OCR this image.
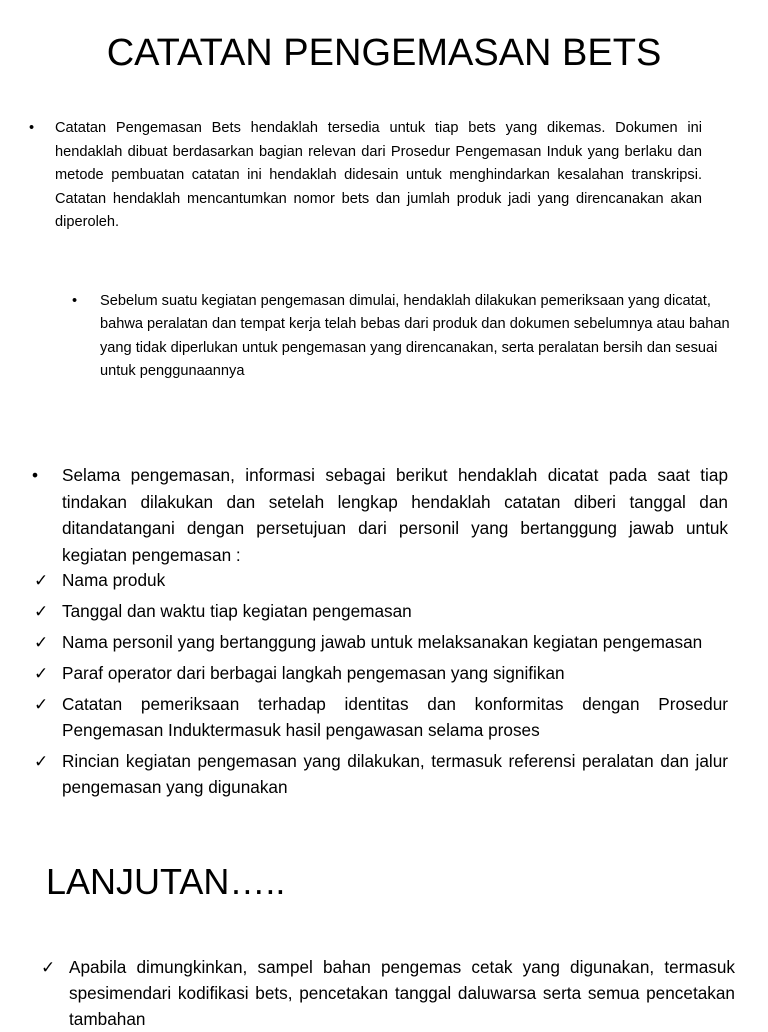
CATATAN PENGEMASAN BETS
• Catatan Pengemasan Bets hendaklah tersedia untuk tiap bets yang dikemas. Dokumen ini hendaklah dibuat berdasarkan bagian relevan dari Prosedur Pengemasan Induk yang berlaku dan metode pembuatan catatan ini hendaklah didesain untuk menghindarkan kesalahan transkripsi. Catatan hendaklah mencantumkan nomor bets dan jumlah produk jadi yang direncanakan akan diperoleh.
• Sebelum suatu kegiatan pengemasan dimulai, hendaklah dilakukan pemeriksaan yang dicatat, bahwa peralatan dan tempat kerja telah bebas dari produk dan dokumen sebelumnya atau bahan yang tidak diperlukan untuk pengemasan yang direncanakan, serta peralatan bersih dan sesuai untuk penggunaannya
• Selama pengemasan, informasi sebagai berikut hendaklah dicatat pada saat tiap tindakan dilakukan dan setelah lengkap hendaklah catatan diberi tanggal dan ditandatangani dengan persetujuan dari personil yang bertanggung jawab untuk kegiatan pengemasan :
✓ Nama produk
✓ Tanggal dan waktu tiap kegiatan pengemasan
✓ Nama personil yang bertanggung jawab untuk melaksanakan kegiatan pengemasan
✓ Paraf operator dari berbagai langkah pengemasan yang signifikan
✓ Catatan pemeriksaan terhadap identitas dan konformitas dengan Prosedur Pengemasan Induktermasuk hasil pengawasan selama proses
✓ Rincian kegiatan pengemasan yang dilakukan, termasuk referensi peralatan dan jalur pengemasan yang digunakan
LANJUTAN…..
✓ Apabila dimungkinkan, sampel bahan pengemas cetak yang digunakan, termasuk spesimendari kodifikasi bets, pencetakan tanggal daluwarsa serta semua pencetakan tambahan
